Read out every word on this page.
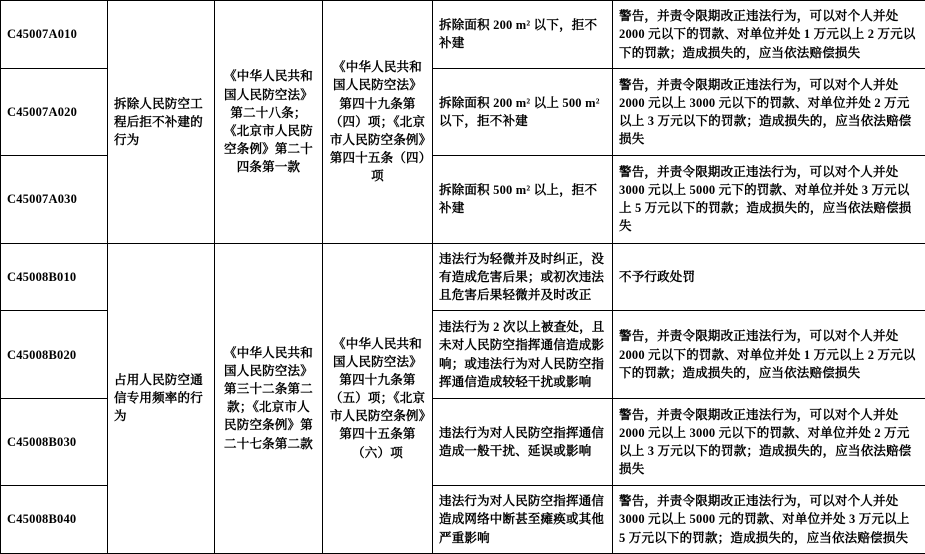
C45007A010	拆除人民防空工程后拒不补建的行为	《中华人民共和国人民防空法》第二十八条；《北京市人民防空条例》第二十四条第一款	《中华人民共和国人民防空法》第四十九条第（四）项；《北京市人民防空条例》第四十五条（四）项	拆除面积 200 m² 以下，拒不补建	警告，并责令限期改正违法行为，可以对个人并处 2000 元以下的罚款、对单位并处 1 万元以上 2 万元以下的罚款；造成损失的，应当依法赔偿损失
C45007A020				拆除面积 200 m² 以上 500 m² 以下，拒不补建	警告，并责令限期改正违法行为，可以对个人并处 2000 元以上 3000 元以下的罚款、对单位并处 2 万元以上 3 万元以下的罚款；造成损失的，应当依法赔偿损失
C45007A030				拆除面积 500 m² 以上，拒不补建	警告，并责令限期改正违法行为，可以对个人并处 3000 元以上 5000 元下的罚款、对单位并处 3 万元以上 5 万元以下的罚款；造成损失的，应当依法赔偿损失
C45008B010	占用人民防空通信专用频率的行为	《中华人民共和国人民防空法》第三十二条第二款；《北京市人民防空条例》第二十七条第二款	《中华人民共和国人民防空法》第四十九条第（五）项；《北京市人民防空条例》第四十五条第（六）项	违法行为轻微并及时纠正，没有造成危害后果；或初次违法且危害后果轻微并及时改正	不予行政处罚
C45008B020				违法行为 2 次以上被查处，且未对人民防空指挥通信造成影响；或违法行为对人民防空指挥通信造成较轻干扰或影响	警告，并责令限期改正违法行为，可以对个人并处 2000 元以下的罚款、对单位并处 1 万元以上 2 万元以下的罚款；造成损失的，应当依法赔偿损失
C45008B030				违法行为对人民防空指挥通信造成一般干扰、延误或影响	警告，并责令限期改正违法行为，可以对个人并处 2000 元以上 3000 元以下的罚款、对单位并处 2 万元以上 3 万元以下的罚款；造成损失的，应当依法赔偿损失
C45008B040				违法行为对人民防空指挥通信造成网络中断甚至瘫痪或其他严重影响	警告，并责令限期改正违法行为，可以对个人并处 3000 元以上 5000 元的罚款、对单位并处 3 万元以上 5 万元以下的罚款；造成损失的，应当依法赔偿损失
